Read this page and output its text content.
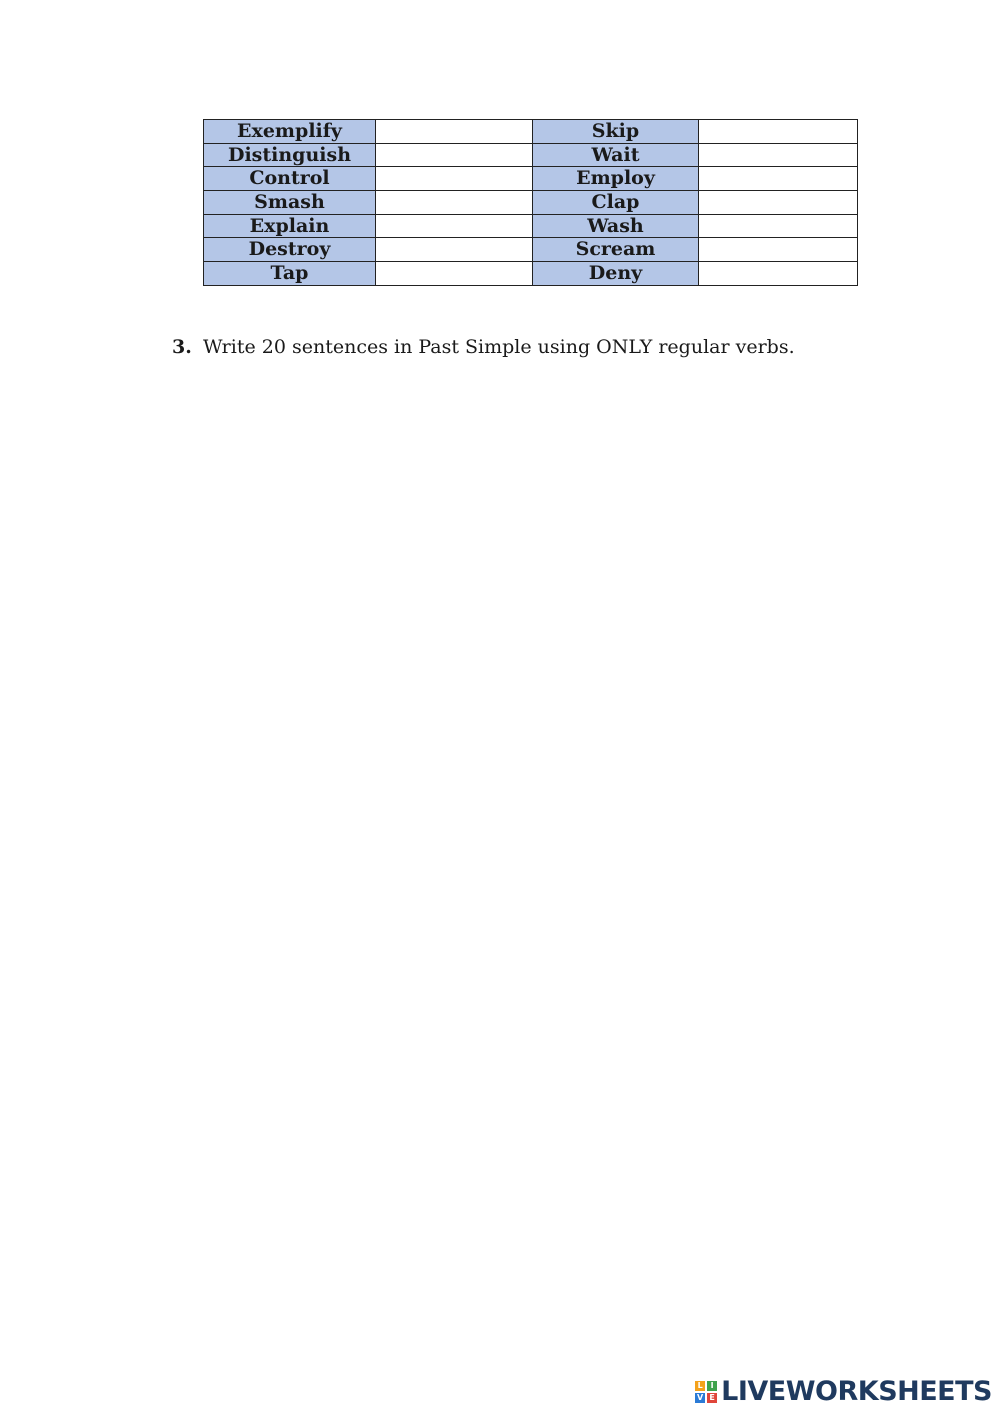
Exemplify		Skip	
Distinguish		Wait	
Control		Employ	
Smash		Clap	
Explain		Wash	
Destroy		Scream	
Tap		Deny	
3. Write 20 sentences in Past Simple using ONLY regular verbs.
L I
V E LIVEWORKSHEETS
